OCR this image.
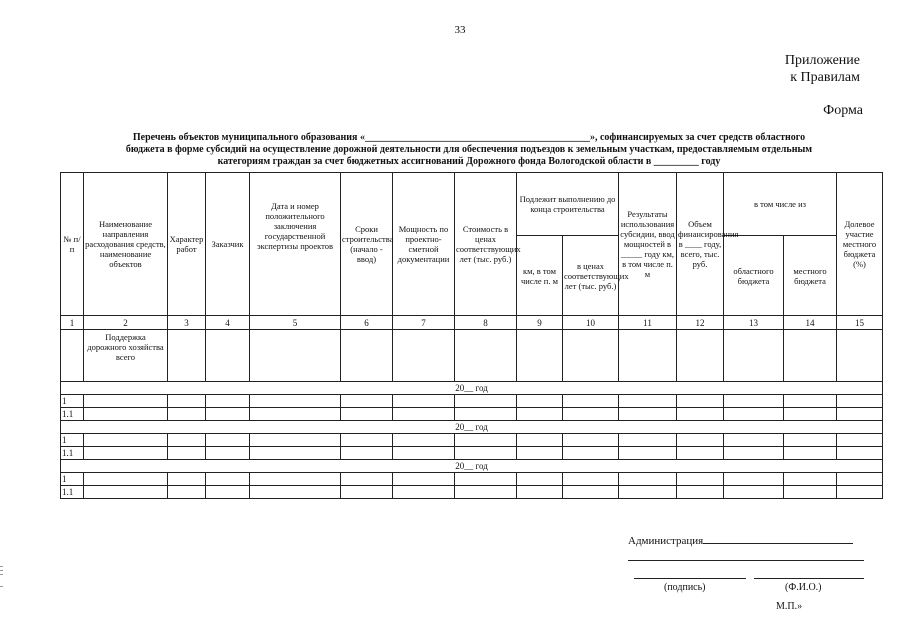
33
Приложение
к Правилам
Форма
Перечень объектов муниципального образования «_____________________________________________», софинансируемых за счет средств областного
бюджета в форме субсидий на осуществление дорожной деятельности для обеспечения подъездов к земельным участкам, предоставляемым отдельным
категориям граждан за счет бюджетных ассигнований Дорожного фонда Вологодской области в _________ году
№ п/п	Наименование направления расходования средств, наименование объектов	Характер работ	Заказчик	Дата и номер положительного заключения государственной экспертизы проектов	Сроки строительства (начало - ввод)	Мощность по проектно-сметной документации	Стоимость в ценах соответствующих лет (тыс. руб.)	Подлежит выполнению до конца строительства		Результаты использования субсидии, ввод мощностей в _____ году км, в том числе п. м	Объем финансирования в ____ году, всего, тыс. руб.	в том числе из		Долевое участие местного бюджета (%)
								км, в том числе п. м	в ценах соответствующих лет (тыс. руб.)			областного бюджета	местного бюджета	
1	2	3	4	5	6	7	8	9	10	11	12	13	14	15
	Поддержка дорожного хозяйства всего													
20__ год														
1														
1.1														
20__ год														
1														
1.1														
20__ год														
1														
1.1														
Администрация
(подпись)	(Ф.И.О.)
М.П.»
